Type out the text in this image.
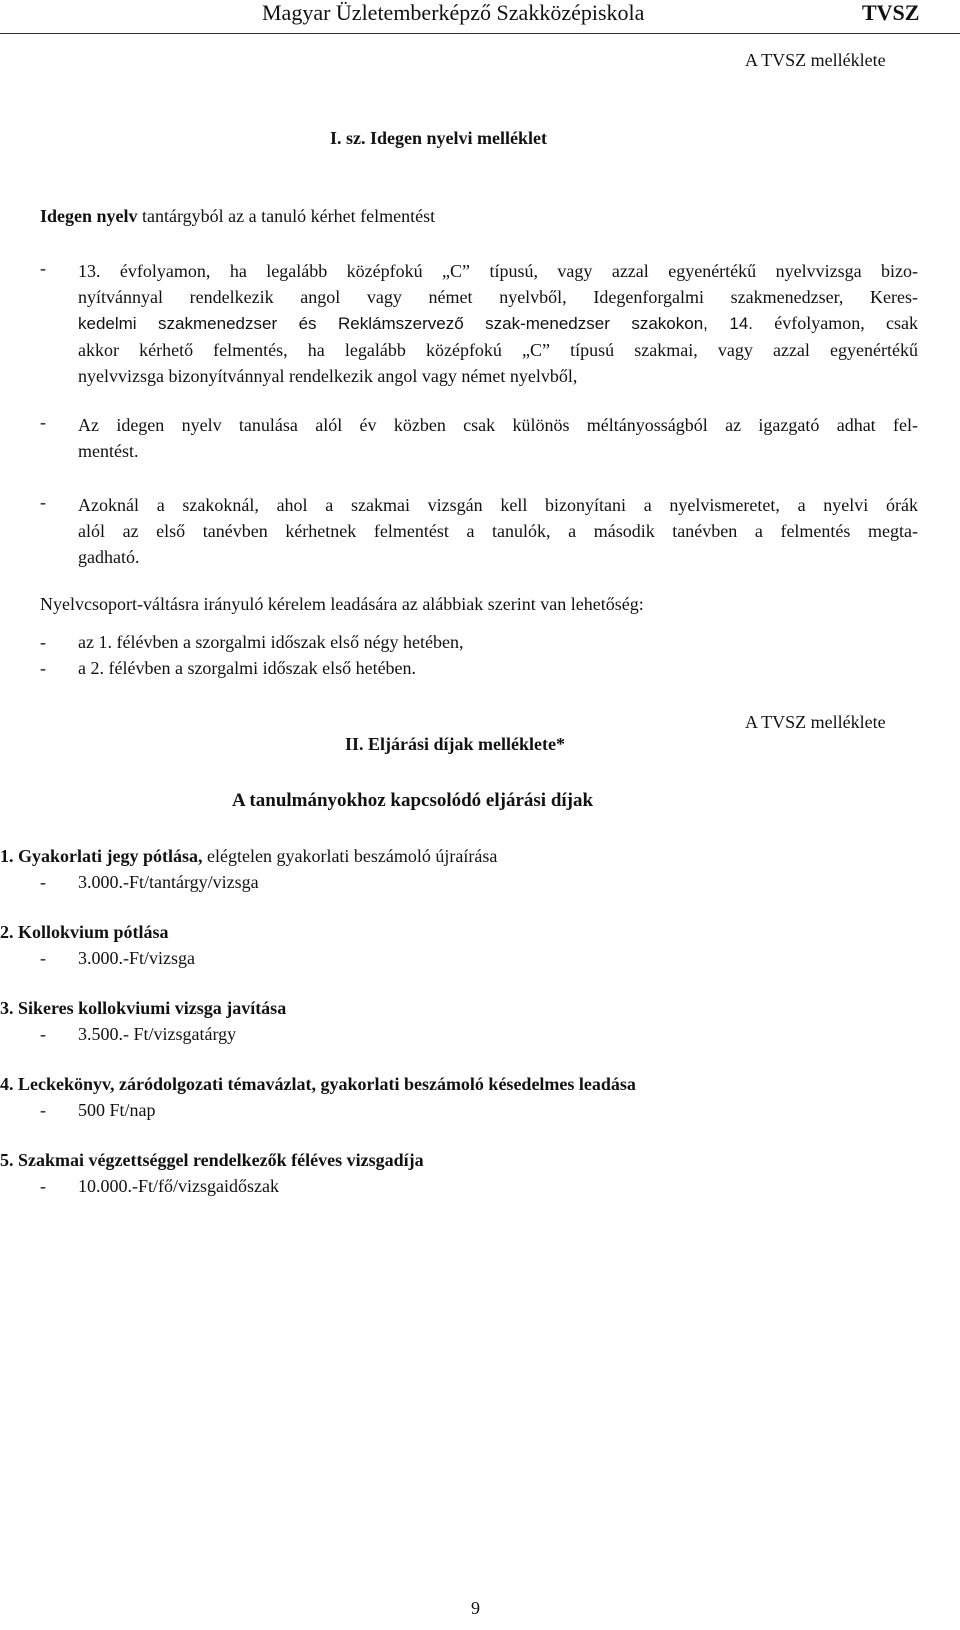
Magyar Üzletemberképző Szakközépiskola	TVSZ
A TVSZ melléklete
I. sz. Idegen nyelvi melléklet
Idegen nyelv tantárgyból az a tanuló kérhet felmentést
- 13. évfolyamon, ha legalább középfokú „C” típusú, vagy azzal egyenértékű nyelvvizsga bizo-
nyítvánnyal rendelkezik angol vagy német nyelvből, Idegenforgalmi szakmenedzser, Keres-
kedelmi szakmenedzser és Reklámszervező szak-menedzser szakokon, 14. évfolyamon, csak
akkor kérhető felmentés, ha legalább középfokú „C” típusú szakmai, vagy azzal egyenértékű
nyelvvizsga bizonyítvánnyal rendelkezik angol vagy német nyelvből,
- Az idegen nyelv tanulása alól év közben csak különös méltányosságból az igazgató adhat fel-
mentést.
- Azoknál a szakoknál, ahol a szakmai vizsgán kell bizonyítani a nyelvismeretet, a nyelvi órák
alól az első tanévben kérhetnek felmentést a tanulók, a második tanévben a felmentés megta-
gadható.
Nyelvcsoport-váltásra irányuló kérelem leadására az alábbiak szerint van lehetőség:
- az 1. félévben a szorgalmi időszak első négy hetében,
- a 2. félévben a szorgalmi időszak első hetében.
A TVSZ melléklete
II. Eljárási díjak melléklete*
A tanulmányokhoz kapcsolódó eljárási díjak
1. Gyakorlati jegy pótlása, elégtelen gyakorlati beszámoló újraírása
- 3.000.-Ft/tantárgy/vizsga
2. Kollokvium pótlása
- 3.000.-Ft/vizsga
3. Sikeres kollokviumi vizsga javítása
- 3.500.- Ft/vizsgatárgy
4. Leckekönyv, záródolgozati témavázlat, gyakorlati beszámoló késedelmes leadása
- 500 Ft/nap
5. Szakmai végzettséggel rendelkezők féléves vizsgadíja
- 10.000.-Ft/fő/vizsgaidőszak
9
